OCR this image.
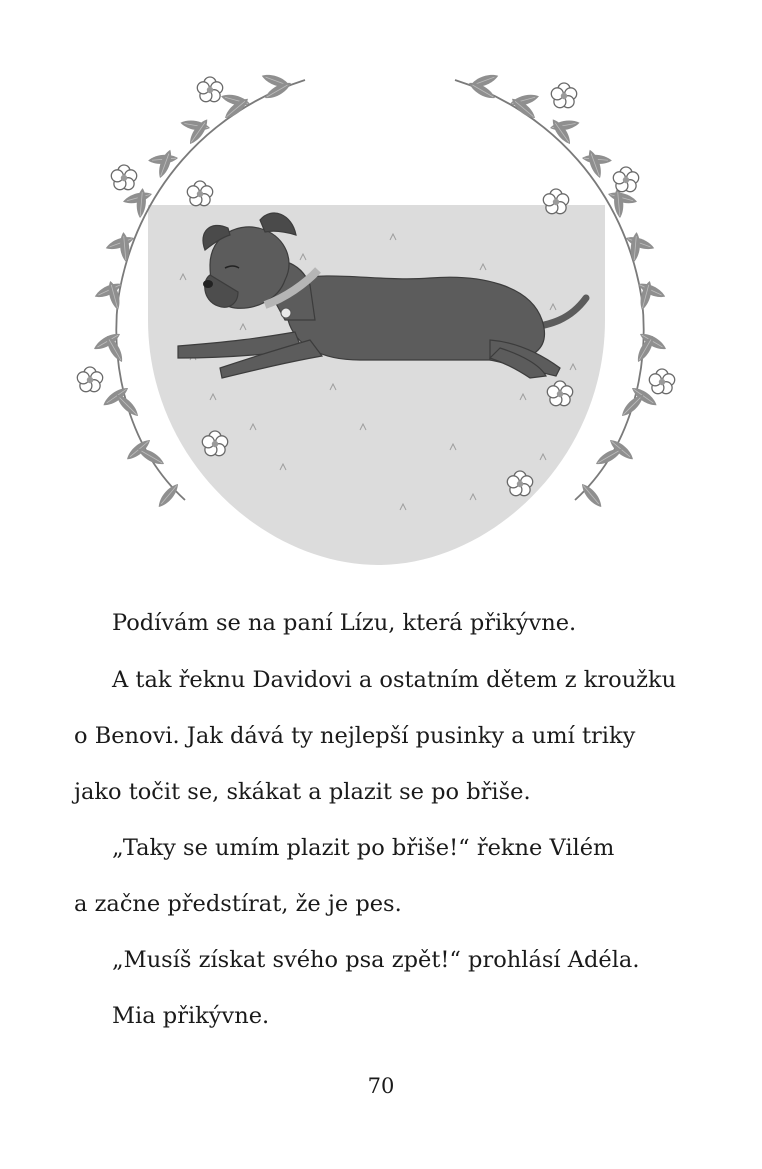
Podívám se na paní Lízu, která přikývne.

A tak řeknu Davidovi a ostatním dětem z kroužku

o Benovi. Jak dává ty nejlepší pusinky a umí triky

jako točit se, skákat a plazit se po břiše.

„Taky se umím plazit po břiše!“ řekne Vilém

a začne předstírat, že je pes.

„Musíš získat svého psa zpět!“ prohlásí Adéla.

Mia přikývne.

70
